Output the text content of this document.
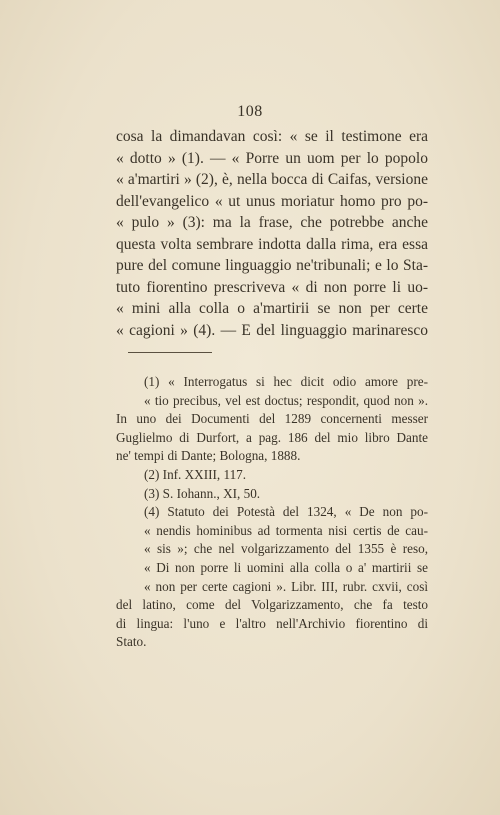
108
cosa la dimandavan così: « se il testimone era
« dotto » (1). — « Porre un uom per lo popolo
« a'martiri » (2), è, nella bocca di Caifas, versione
dell'evangelico « ut unus moriatur homo pro po-
« pulo » (3): ma la frase, che potrebbe anche
questa volta sembrare indotta dalla rima, era essa
pure del comune linguaggio ne'tribunali; e lo Sta-
tuto fiorentino prescriveva « di non porre li uo-
« mini alla colla o a'martirii se non per certe
« cagioni » (4). — E del linguaggio marinaresco
(1) « Interrogatus si hec dicit odio amore pre-
« tio precibus, vel est doctus; respondit, quod non ».
In uno dei Documenti del 1289 concernenti messer
Guglielmo di Durfort, a pag. 186 del mio libro Dante
ne' tempi di Dante; Bologna, 1888.
(2) Inf. XXIII, 117.
(3) S. Iohann., XI, 50.
(4) Statuto dei Potestà del 1324, « De non po-
« nendis hominibus ad tormenta nisi certis de cau-
« sis »; che nel volgarizzamento del 1355 è reso,
« Di non porre li uomini alla colla o a' martirii se
« non per certe cagioni ». Libr. III, rubr. cxvii, così
del latino, come del Volgarizzamento, che fa testo
di lingua: l'uno e l'altro nell'Archivio fiorentino di
Stato.
